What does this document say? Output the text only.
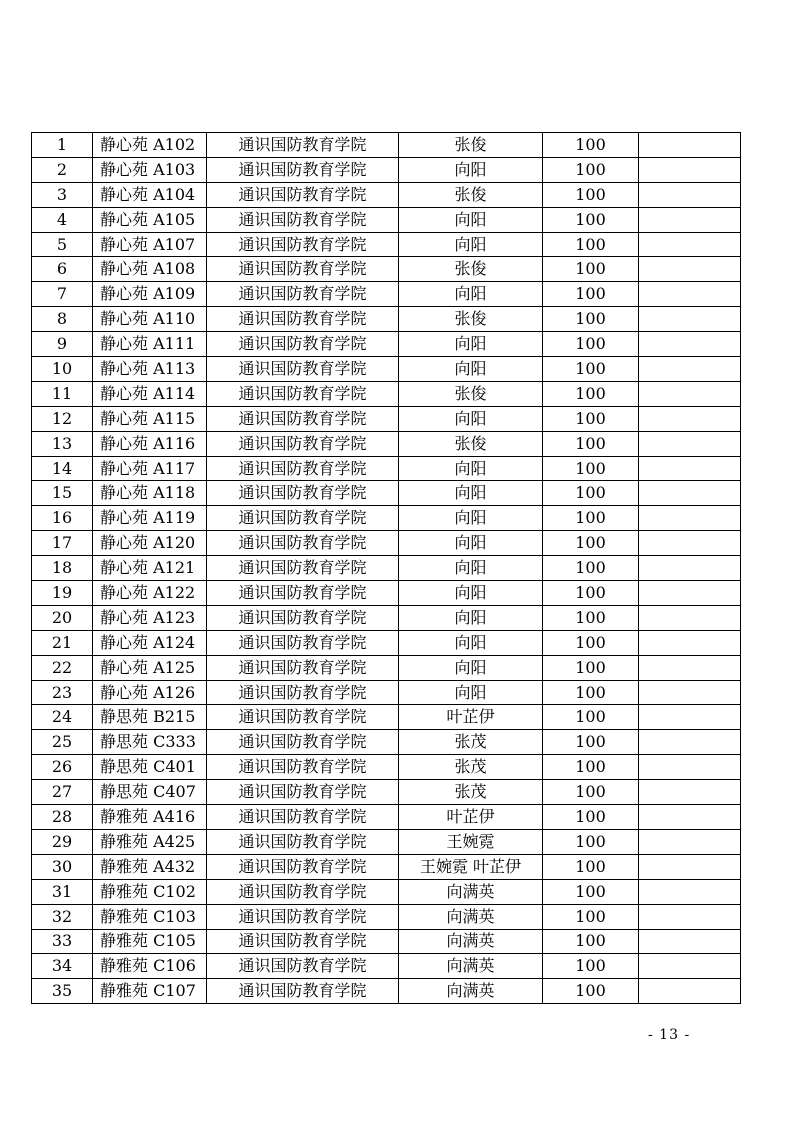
1	静心苑 A102	通识国防教育学院	张俊	100	
2	静心苑 A103	通识国防教育学院	向阳	100	
3	静心苑 A104	通识国防教育学院	张俊	100	
4	静心苑 A105	通识国防教育学院	向阳	100	
5	静心苑 A107	通识国防教育学院	向阳	100	
6	静心苑 A108	通识国防教育学院	张俊	100	
7	静心苑 A109	通识国防教育学院	向阳	100	
8	静心苑 A110	通识国防教育学院	张俊	100	
9	静心苑 A111	通识国防教育学院	向阳	100	
10	静心苑 A113	通识国防教育学院	向阳	100	
11	静心苑 A114	通识国防教育学院	张俊	100	
12	静心苑 A115	通识国防教育学院	向阳	100	
13	静心苑 A116	通识国防教育学院	张俊	100	
14	静心苑 A117	通识国防教育学院	向阳	100	
15	静心苑 A118	通识国防教育学院	向阳	100	
16	静心苑 A119	通识国防教育学院	向阳	100	
17	静心苑 A120	通识国防教育学院	向阳	100	
18	静心苑 A121	通识国防教育学院	向阳	100	
19	静心苑 A122	通识国防教育学院	向阳	100	
20	静心苑 A123	通识国防教育学院	向阳	100	
21	静心苑 A124	通识国防教育学院	向阳	100	
22	静心苑 A125	通识国防教育学院	向阳	100	
23	静心苑 A126	通识国防教育学院	向阳	100	
24	静思苑 B215	通识国防教育学院	叶芷伊	100	
25	静思苑 C333	通识国防教育学院	张茂	100	
26	静思苑 C401	通识国防教育学院	张茂	100	
27	静思苑 C407	通识国防教育学院	张茂	100	
28	静雅苑 A416	通识国防教育学院	叶芷伊	100	
29	静雅苑 A425	通识国防教育学院	王婉霓	100	
30	静雅苑 A432	通识国防教育学院	王婉霓 叶芷伊	100	
31	静雅苑 C102	通识国防教育学院	向满英	100	
32	静雅苑 C103	通识国防教育学院	向满英	100	
33	静雅苑 C105	通识国防教育学院	向满英	100	
34	静雅苑 C106	通识国防教育学院	向满英	100	
35	静雅苑 C107	通识国防教育学院	向满英	100	
- 13 -
